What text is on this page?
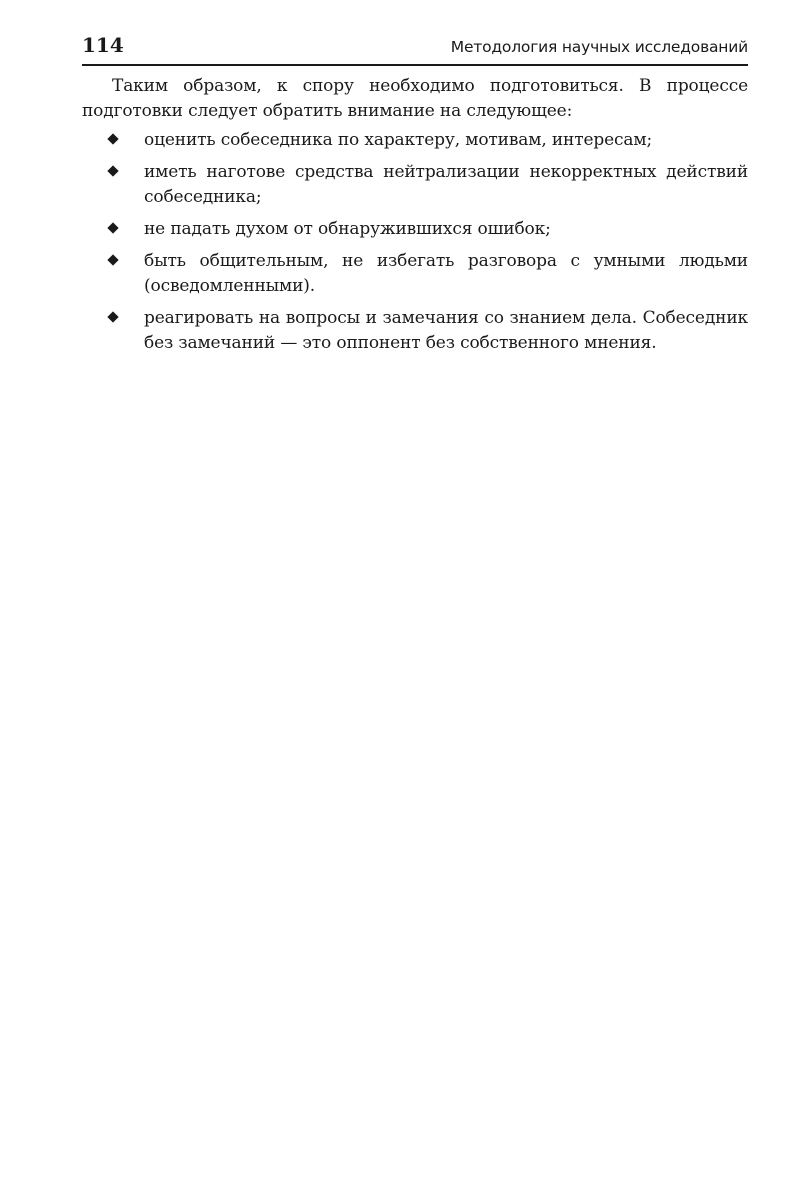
114	Методология научных исследований

Таким образом, к спору необходимо подготовиться. В процессе подготовки следует обратить внимание на следующее:

оценить собеседника по характеру, мотивам, интересам;
иметь наготове средства нейтрализации некорректных действий собеседника;
не падать духом от обнаружившихся ошибок;
быть общительным, не избегать разговора с умными людьми (осведомленными).
реагировать на вопросы и замечания со знанием дела. Собеседник без замечаний — это оппонент без собственного мнения.
